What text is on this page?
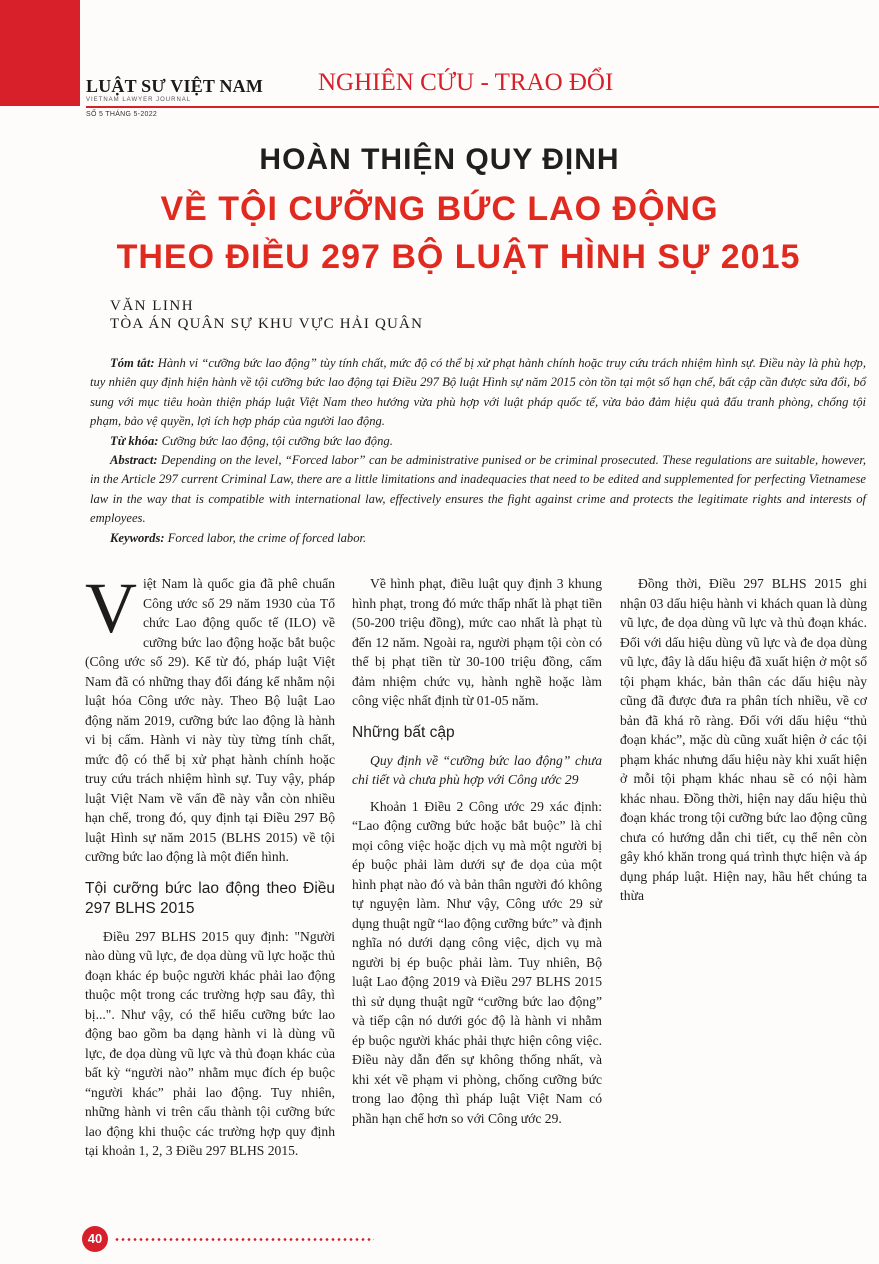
LUẬT SƯ VIỆT NAM
VIETNAM LAWYER JOURNAL
SỐ 5 THÁNG 5-2022
NGHIÊN CỨU - TRAO ĐỔI
HOÀN THIỆN QUY ĐỊNH
VỀ TỘI CƯỠNG BỨC LAO ĐỘNG
THEO ĐIỀU 297 BỘ LUẬT HÌNH SỰ 2015
VĂN LINH
TÒA ÁN QUÂN SỰ KHU VỰC HẢI QUÂN

Tóm tắt: Hành vi “cưỡng bức lao động” tùy tính chất, mức độ có thể bị xử phạt hành chính hoặc truy cứu trách nhiệm hình sự. Điều này là phù hợp, tuy nhiên quy định hiện hành về tội cưỡng bức lao động tại Điều 297 Bộ luật Hình sự năm 2015 còn tồn tại một số hạn chế, bất cập cần được sửa đổi, bổ sung với mục tiêu hoàn thiện pháp luật Việt Nam theo hướng vừa phù hợp với luật pháp quốc tế, vừa bảo đảm hiệu quả đấu tranh phòng, chống tội phạm, bảo vệ quyền, lợi ích hợp pháp của người lao động.

Từ khóa: Cưỡng bức lao động, tội cưỡng bức lao động.

Abstract: Depending on the level, “Forced labor” can be administrative punised or be criminal prosecuted. These regulations are suitable, however, in the Article 297 current Criminal Law, there are a little limitations and inadequacies that need to be edited and supplemented for perfecting Vietnamese law in the way that is compatible with international law, effectively ensures the fight against crime and protects the legitimate rights and interests of employees.

Keywords: Forced labor, the crime of forced labor.

Việt Nam là quốc gia đã phê chuẩn Công ước số 29 năm 1930 của Tổ chức Lao động quốc tế (ILO) về cưỡng bức lao động hoặc bắt buộc (Công ước số 29). Kể từ đó, pháp luật Việt Nam đã có những thay đổi đáng kể nhằm nội luật hóa Công ước này. Theo Bộ luật Lao động năm 2019, cưỡng bức lao động là hành vi bị cấm. Hành vi này tùy từng tính chất, mức độ có thể bị xử phạt hành chính hoặc truy cứu trách nhiệm hình sự. Tuy vậy, pháp luật Việt Nam về vấn đề này vẫn còn nhiều hạn chế, trong đó, quy định tại Điều 297 Bộ luật Hình sự năm 2015 (BLHS 2015) về tội cưỡng bức lao động là một điển hình.

Tội cưỡng bức lao động theo Điều 297 BLHS 2015

Điều 297 BLHS 2015 quy định: "Người nào dùng vũ lực, đe dọa dùng vũ lực hoặc thủ đoạn khác ép buộc người khác phải lao động thuộc một trong các trường hợp sau đây, thì bị...". Như vậy, có thể hiểu cưỡng bức lao động bao gồm ba dạng hành vi là dùng vũ lực, đe dọa dùng vũ lực và thủ đoạn khác của bất kỳ “người nào” nhằm mục đích ép buộc “người khác” phải lao động. Tuy nhiên, những hành vi trên cấu thành tội cưỡng bức lao động khi thuộc các trường hợp quy định tại khoản 1, 2, 3 Điều 297 BLHS 2015.

Về hình phạt, điều luật quy định 3 khung hình phạt, trong đó mức thấp nhất là phạt tiền (50-200 triệu đồng), mức cao nhất là phạt tù đến 12 năm. Ngoài ra, người phạm tội còn có thể bị phạt tiền từ 30-100 triệu đồng, cấm đảm nhiệm chức vụ, hành nghề hoặc làm công việc nhất định từ 01-05 năm.

Những bất cập

Quy định về “cưỡng bức lao động” chưa chi tiết và chưa phù hợp với Công ước 29

Khoản 1 Điều 2 Công ước 29 xác định: “Lao động cưỡng bức hoặc bắt buộc” là chỉ mọi công việc hoặc dịch vụ mà một người bị ép buộc phải làm dưới sự đe dọa của một hình phạt nào đó và bản thân người đó không tự nguyện làm. Như vậy, Công ước 29 sử dụng thuật ngữ “lao động cưỡng bức” và định nghĩa nó dưới dạng công việc, dịch vụ mà người bị ép buộc phải làm. Tuy nhiên, Bộ luật Lao động 2019 và Điều 297 BLHS 2015 thì sử dụng thuật ngữ “cưỡng bức lao động” và tiếp cận nó dưới góc độ là hành vi nhằm ép buộc người khác phải thực hiện công việc. Điều này dẫn đến sự không thống nhất, và khi xét về phạm vi phòng, chống cưỡng bức trong lao động thì pháp luật Việt Nam có phần hạn chế hơn so với Công ước 29.

Đồng thời, Điều 297 BLHS 2015 ghi nhận 03 dấu hiệu hành vi khách quan là dùng vũ lực, đe dọa dùng vũ lực và thủ đoạn khác. Đối với dấu hiệu dùng vũ lực và đe dọa dùng vũ lực, đây là dấu hiệu đã xuất hiện ở một số tội phạm khác, bản thân các dấu hiệu này cũng đã được đưa ra phân tích nhiều, về cơ bản đã khá rõ ràng. Đối với dấu hiệu “thủ đoạn khác”, mặc dù cũng xuất hiện ở các tội phạm khác nhưng dấu hiệu này khi xuất hiện ở mỗi tội phạm khác nhau sẽ có nội hàm khác nhau. Đồng thời, hiện nay dấu hiệu thủ đoạn khác trong tội cưỡng bức lao động cũng chưa có hướng dẫn chi tiết, cụ thể nên còn gây khó khăn trong quá trình thực hiện và áp dụng pháp luật. Hiện nay, hầu hết chúng ta thừa

40
